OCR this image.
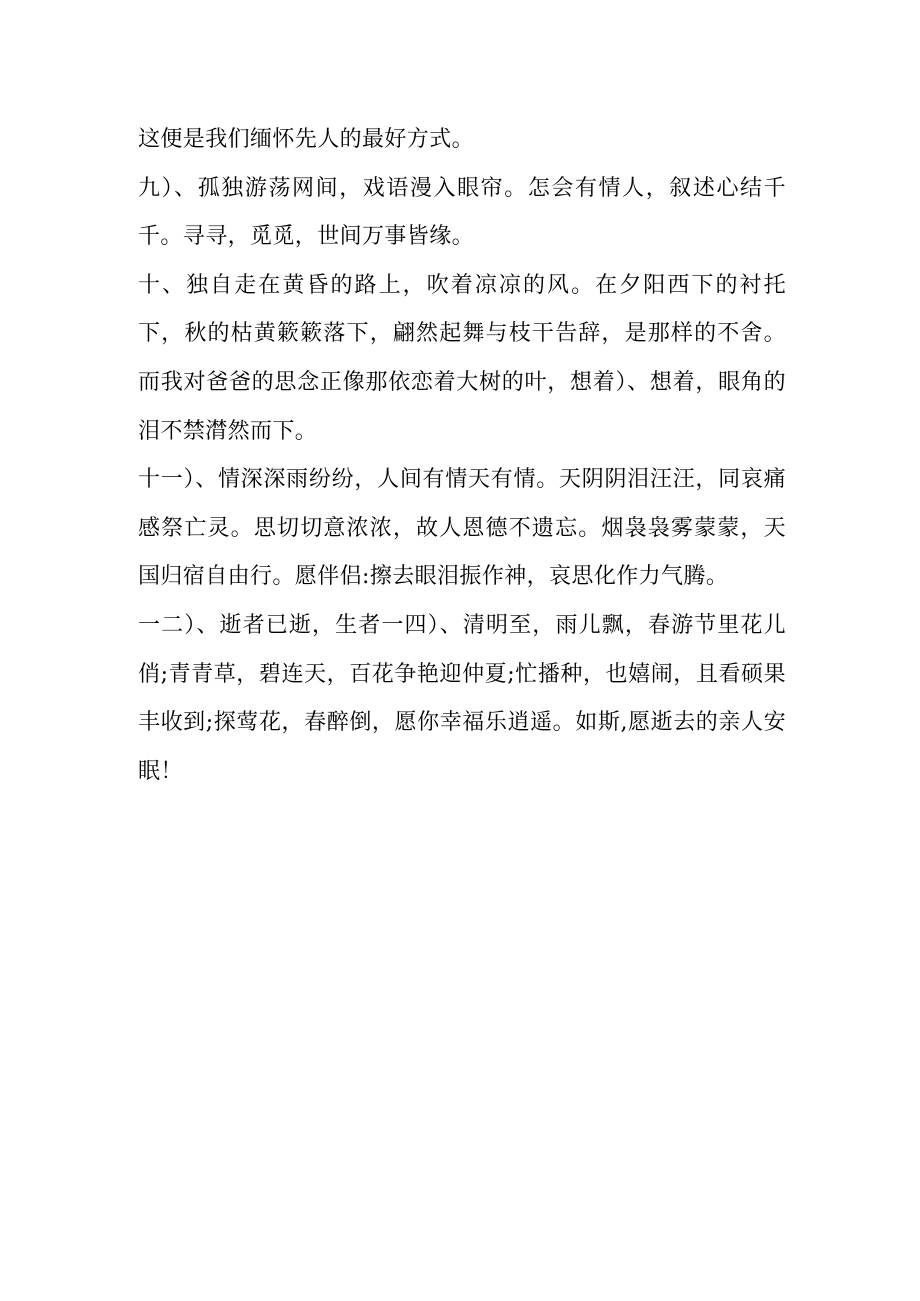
这便是我们缅怀先人的最好方式。

九）、孤独游荡网间，戏语漫入眼帘。怎会有情人，叙述心结千千。寻寻，觅觅，世间万事皆缘。

十、独自走在黄昏的路上，吹着凉凉的风。在夕阳西下的衬托下，秋的枯黄簌簌落下，翩然起舞与枝干告辞，是那样的不舍。而我对爸爸的思念正像那依恋着大树的叶，想着）、想着，眼角的泪不禁潸然而下。

十一）、情深深雨纷纷，人间有情天有情。天阴阴泪汪汪，同哀痛感祭亡灵。思切切意浓浓，故人恩德不遗忘。烟袅袅雾蒙蒙，天国归宿自由行。愿伴侣:擦去眼泪振作神，哀思化作力气腾。

一二）、逝者已逝，生者一四）、清明至，雨儿飘，春游节里花儿俏;青青草，碧连天，百花争艳迎仲夏;忙播种，也嬉闹，且看硕果丰收到;探莺花，春醉倒，愿你幸福乐逍遥。如斯,愿逝去的亲人安眠！
